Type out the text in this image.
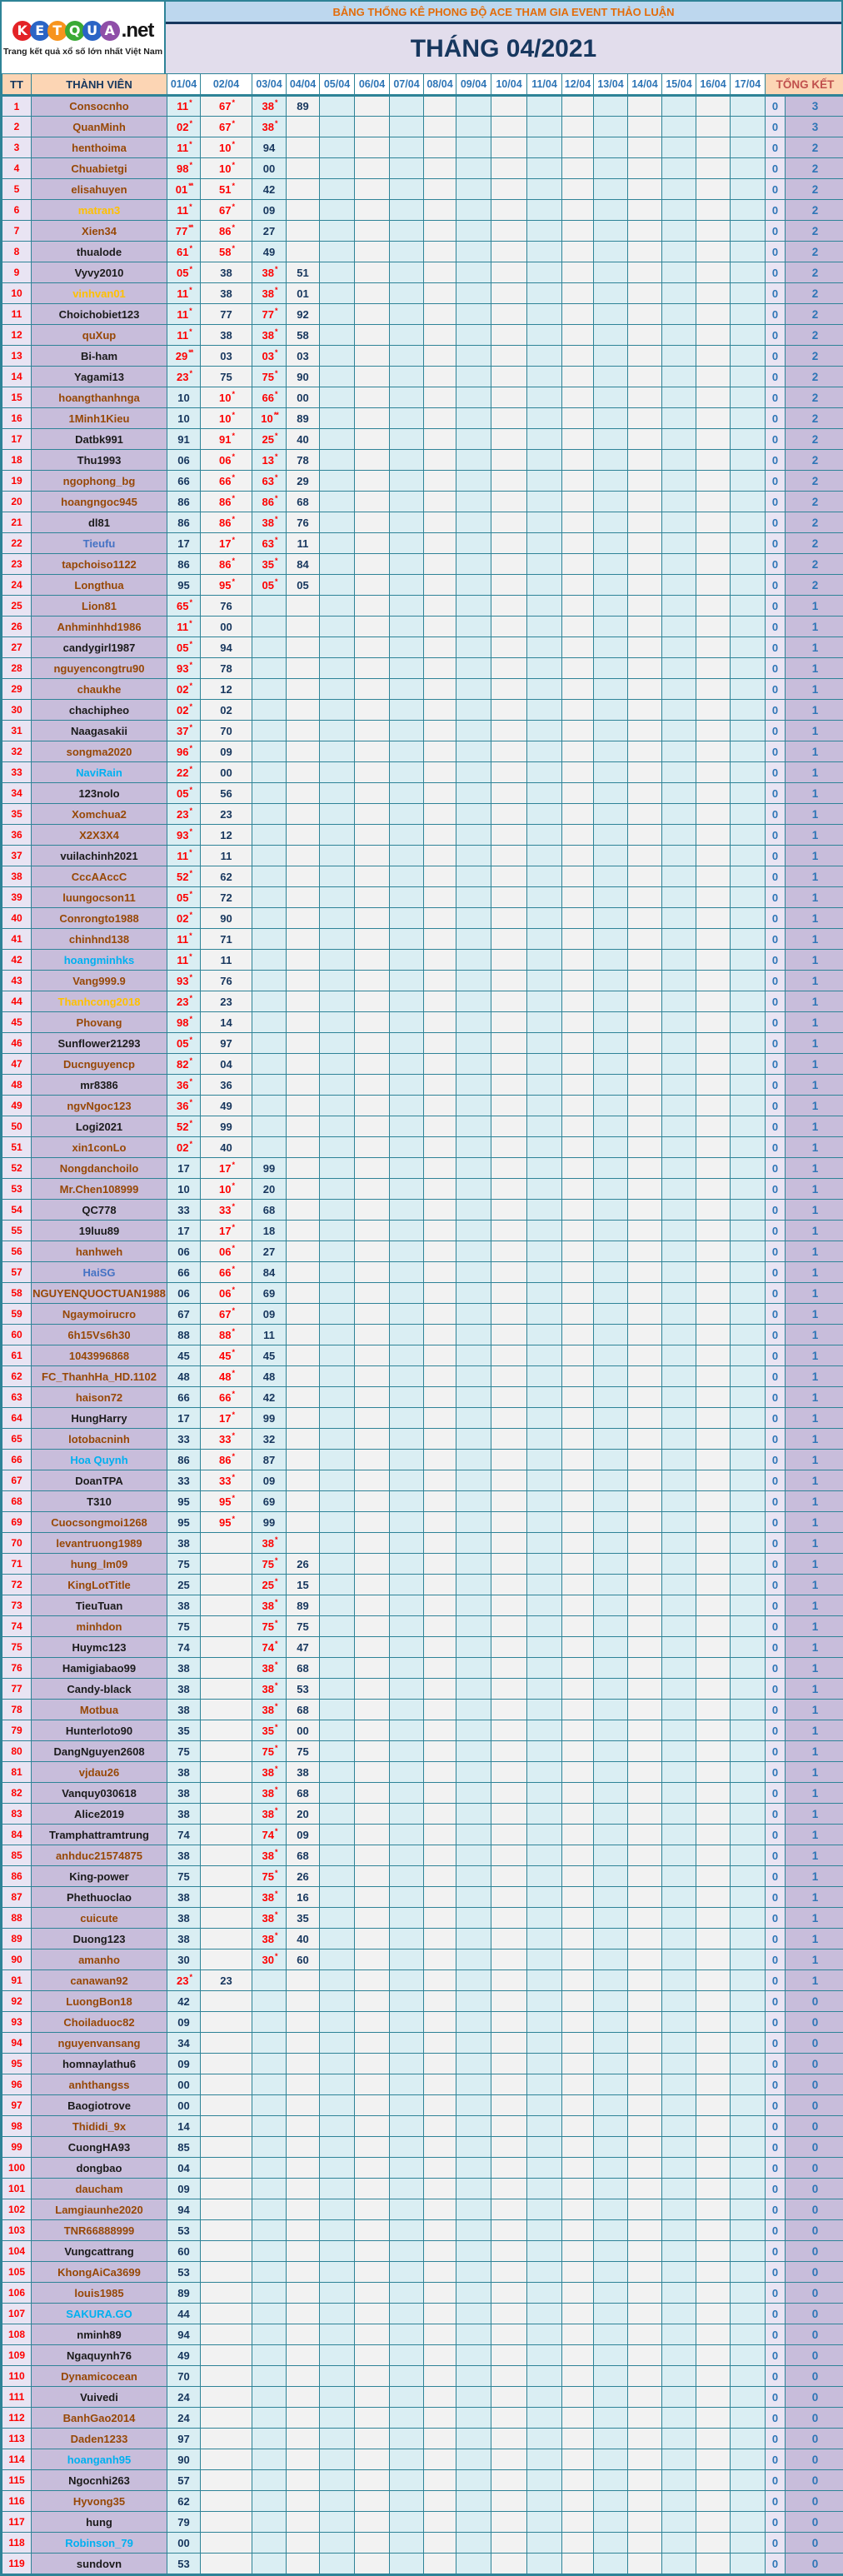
K E T Q U A .net
Trang kết quả xổ số lớn nhất Việt Nam
BẢNG THỐNG KÊ PHONG ĐỘ ACE THAM GIA EVENT THẢO LUẬN
THÁNG 04/2021
TT	THÀNH VIÊN	01/04	02/04	03/04	04/04	05/04	06/04	07/04	08/04	09/04	10/04	11/04	12/04	13/04	14/04	15/04	16/04	17/04	TỔNG KẾT	
1	Consocnho	11*	67*	38*	89														0	3
2	QuanMinh	02*	67*	38*															0	3
3	henthoima	11*	10*	94															0	2
4	Chuabietgi	98*	10*	00															0	2
5	elisahuyen	01**	51*	42															0	2
6	matran3	11*	67*	09															0	2
7	Xien34	77**	86*	27															0	2
8	thualode	61*	58*	49															0	2
9	Vyvy2010	05*	38	38*	51														0	2
10	vinhvan01	11*	38	38*	01														0	2
11	Choichobiet123	11*	77	77*	92														0	2
12	quXup	11*	38	38*	58														0	2
13	Bi-ham	29**	03	03*	03														0	2
14	Yagami13	23*	75	75*	90														0	2
15	hoangthanhnga	10	10*	66*	00														0	2
16	1Minh1Kieu	10	10*	10**	89														0	2
17	Datbk991	91	91*	25*	40														0	2
18	Thu1993	06	06*	13*	78														0	2
19	ngophong_bg	66	66*	63*	29														0	2
20	hoangngoc945	86	86*	86*	68														0	2
21	dl81	86	86*	38*	76														0	2
22	Tieufu	17	17*	63*	11														0	2
23	tapchoiso1122	86	86*	35*	84														0	2
24	Longthua	95	95*	05*	05														0	2
25	Lion81	65*	76																0	1
26	Anhminhhd1986	11*	00																0	1
27	candygirl1987	05*	94																0	1
28	nguyencongtru90	93*	78																0	1
29	chaukhe	02*	12																0	1
30	chachipheo	02*	02																0	1
31	Naagasakii	37*	70																0	1
32	songma2020	96*	09																0	1
33	NaviRain	22*	00																0	1
34	123nolo	05*	56																0	1
35	Xomchua2	23*	23																0	1
36	X2X3X4	93*	12																0	1
37	vuilachinh2021	11*	11																0	1
38	CccAAccC	52*	62																0	1
39	luungocson11	05*	72																0	1
40	Conrongto1988	02*	90																0	1
41	chinhnd138	11*	71																0	1
42	hoangminhks	11*	11																0	1
43	Vang999.9	93*	76																0	1
44	Thanhcong2018	23*	23																0	1
45	Phovang	98*	14																0	1
46	Sunflower21293	05*	97																0	1
47	Ducnguyencp	82*	04																0	1
48	mr8386	36*	36																0	1
49	ngvNgoc123	36*	49																0	1
50	Logi2021	52*	99																0	1
51	xin1conLo	02*	40																0	1
52	Nongdanchoilo	17	17*	99															0	1
53	Mr.Chen108999	10	10*	20															0	1
54	QC778	33	33*	68															0	1
55	19luu89	17	17*	18															0	1
56	hanhweh	06	06*	27															0	1
57	HaiSG	66	66*	84															0	1
58	NGUYENQUOCTUAN1988	06	06*	69															0	1
59	Ngaymoirucro	67	67*	09															0	1
60	6h15Vs6h30	88	88*	11															0	1
61	1043996868	45	45*	45															0	1
62	FC_ThanhHa_HD.1102	48	48*	48															0	1
63	haison72	66	66*	42															0	1
64	HungHarry	17	17*	99															0	1
65	lotobacninh	33	33*	32															0	1
66	Hoa Quynh	86	86*	87															0	1
67	DoanTPA	33	33*	09															0	1
68	T310	95	95*	69															0	1
69	Cuocsongmoi1268	95	95*	99															0	1
70	levantruong1989	38		38*															0	1
71	hung_lm09	75		75*	26														0	1
72	KingLotTitle	25		25*	15														0	1
73	TieuTuan	38		38*	89														0	1
74	minhdon	75		75*	75														0	1
75	Huymc123	74		74*	47														0	1
76	Hamigiabao99	38		38*	68														0	1
77	Candy-black	38		38*	53														0	1
78	Motbua	38		38*	68														0	1
79	Hunterloto90	35		35*	00														0	1
80	DangNguyen2608	75		75*	75														0	1
81	vjdau26	38		38*	38														0	1
82	Vanquy030618	38		38*	68														0	1
83	Alice2019	38		38*	20														0	1
84	Tramphattramtrung	74		74*	09														0	1
85	anhduc21574875	38		38*	68														0	1
86	King-power	75		75*	26														0	1
87	Phethuoclao	38		38*	16														0	1
88	cuicute	38		38*	35														0	1
89	Duong123	38		38*	40														0	1
90	amanho	30		30*	60														0	1
91	canawan92	23*	23																0	1
92	LuongBon18	42																	0	0
93	Choiladuoc82	09																	0	0
94	nguyenvansang	34																	0	0
95	homnaylathu6	09																	0	0
96	anhthangss	00																	0	0
97	Baogiotrove	00																	0	0
98	Thididi_9x	14																	0	0
99	CuongHA93	85																	0	0
100	dongbao	04																	0	0
101	daucham	09																	0	0
102	Lamgiaunhe2020	94																	0	0
103	TNR66888999	53																	0	0
104	Vungcattrang	60																	0	0
105	KhongAiCa3699	53																	0	0
106	louis1985	89																	0	0
107	SAKURA.GO	44																	0	0
108	nminh89	94																	0	0
109	Ngaquynh76	49																	0	0
110	Dynamicocean	70																	0	0
111	Vuivedi	24																	0	0
112	BanhGao2014	24																	0	0
113	Daden1233	97																	0	0
114	hoanganh95	90																	0	0
115	Ngocnhi263	57																	0	0
116	Hyvong35	62																	0	0
117	hung	79																	0	0
118	Robinson_79	00																	0	0
119	sundovn	53																	0	0
